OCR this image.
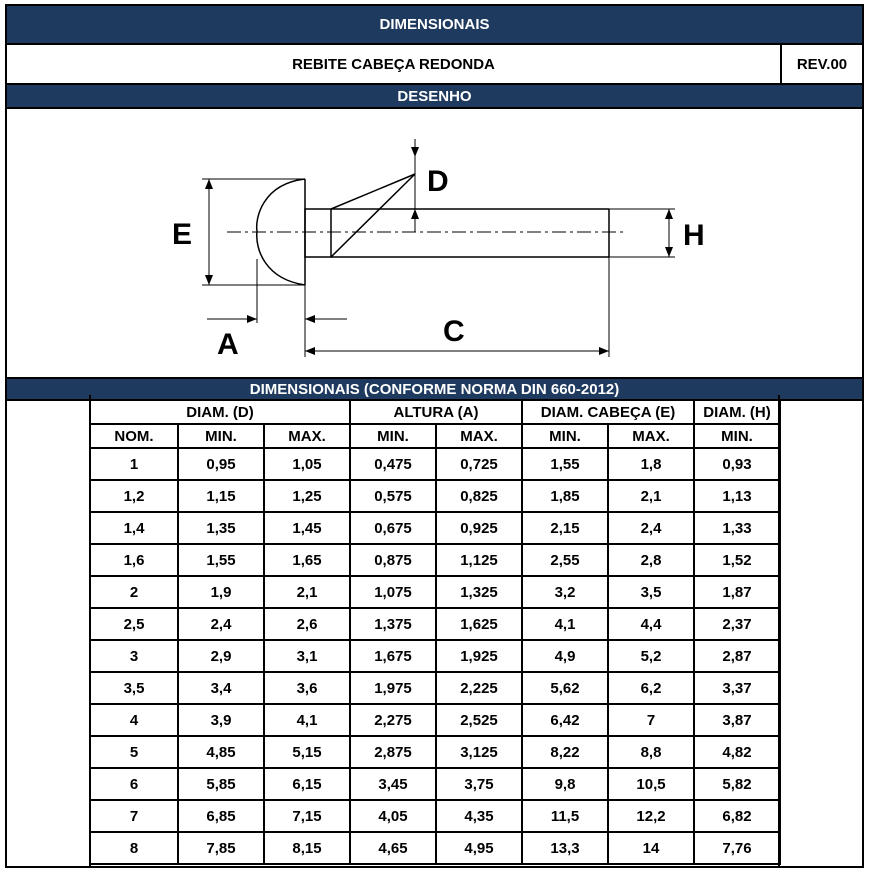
DIMENSIONAIS
REBITE CABEÇA REDONDA	REV.00
DESENHO
E
D
H
A	C
DIMENSIONAIS (CONFORME NORMA DIN 660-2012)
DIAM. (D)			ALTURA (A)		DIAM. CABEÇA (E)		DIAM. (H)
NOM.	MIN.	MAX.	MIN.	MAX.	MIN.	MAX.	MIN.
1	0,95	1,05	0,475	0,725	1,55	1,8	0,93
1,2	1,15	1,25	0,575	0,825	1,85	2,1	1,13
1,4	1,35	1,45	0,675	0,925	2,15	2,4	1,33
1,6	1,55	1,65	0,875	1,125	2,55	2,8	1,52
2	1,9	2,1	1,075	1,325	3,2	3,5	1,87
2,5	2,4	2,6	1,375	1,625	4,1	4,4	2,37
3	2,9	3,1	1,675	1,925	4,9	5,2	2,87
3,5	3,4	3,6	1,975	2,225	5,62	6,2	3,37
4	3,9	4,1	2,275	2,525	6,42	7	3,87
5	4,85	5,15	2,875	3,125	8,22	8,8	4,82
6	5,85	6,15	3,45	3,75	9,8	10,5	5,82
7	6,85	7,15	4,05	4,35	11,5	12,2	6,82
8	7,85	8,15	4,65	4,95	13,3	14	7,76
